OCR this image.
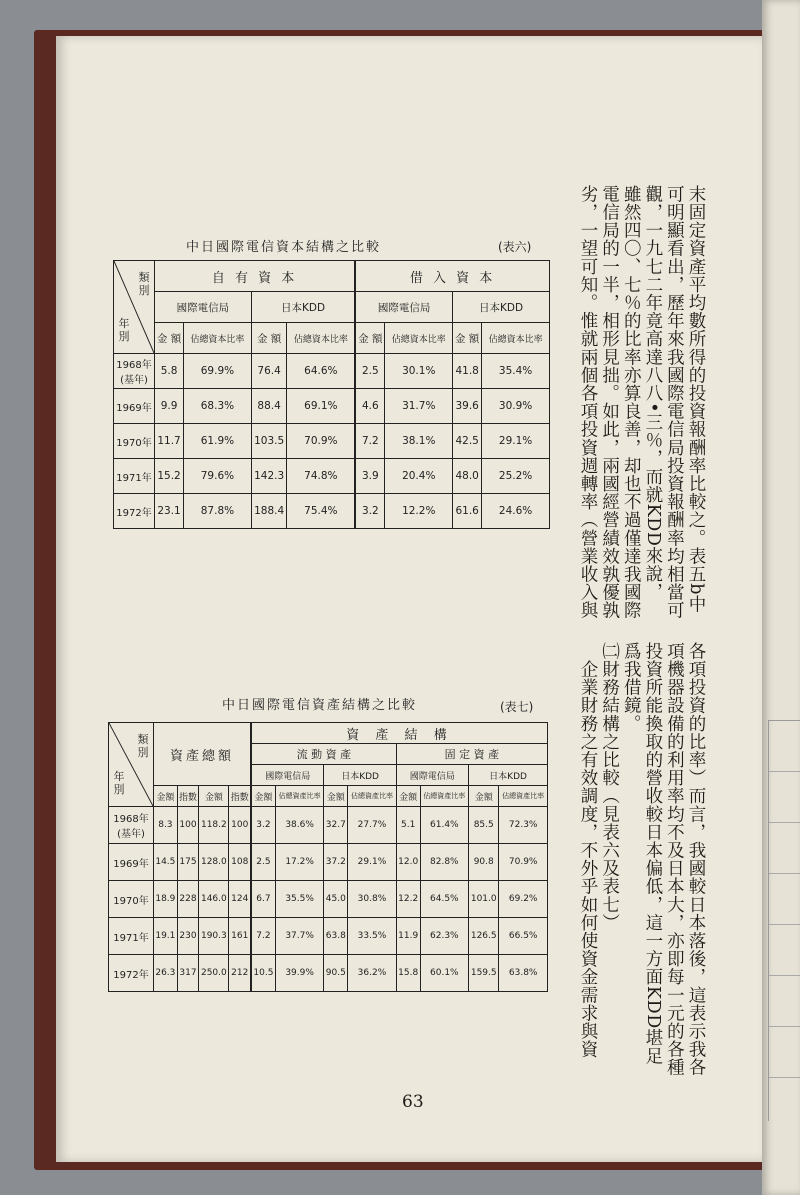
末固定資產平均數所得的投資報酬率比較之。表五b中
可明顯看出，歷年來我國際電信局投資報酬率均相當可
觀，一九七二年竟高達八八•三％，而就KDD來說，
雖然四〇、七％的比率亦算良善，却也不過僅達我國際
電信局的一半，相形見拙。如此，兩國經營績效孰優孰
劣，一望可知。惟就兩個各項投資週轉率（營業收入與
各項投資的比率）而言，我國較日本落後，這表示我各
項機器設備的利用率均不及日本大，亦即每一元的各種
投資所能換取的營收較日本偏低，這一方面KDD堪足
爲我借鏡。
㈡財務結構之比較（見表六及表七）
　企業財務之有效調度，不外乎如何使資金需求與資
中日國際電信資本結構之比較	(表六)
類別
年別	自 有 資 本				借 入 資 本			
	國際電信局		日本KDD		國際電信局		日本KDD	
	金 額	佔總資本比率	金 額	佔總資本比率	金 額	佔總資本比率	金 額	佔總資本比率
1968年(基年)	5.8	69.9%	76.4	64.6%	2.5	30.1%	41.8	35.4%
1969年	9.9	68.3%	88.4	69.1%	4.6	31.7%	39.6	30.9%
1970年	11.7	61.9%	103.5	70.9%	7.2	38.1%	42.5	29.1%
1971年	15.2	79.6%	142.3	74.8%	3.9	20.4%	48.0	25.2%
1972年	23.1	87.8%	188.4	75.4%	3.2	12.2%	61.6	24.6%
中日國際電信資產結構之比較	(表七)
類別
年別	資產總額				資 產 結 構							
					流 動 資 產				固 定 資 產			
					國際電信局		日本KDD		國際電信局		日本KDD	
	金額	指數	金額	指數	金額	佔總資產比率	金額	佔總資產比率	金額	佔總資產比率	金額	佔總資產比率
1968年(基年)	8.3	100	118.2	100	3.2	38.6%	32.7	27.7%	5.1	61.4%	85.5	72.3%
1969年	14.5	175	128.0	108	2.5	17.2%	37.2	29.1%	12.0	82.8%	90.8	70.9%
1970年	18.9	228	146.0	124	6.7	35.5%	45.0	30.8%	12.2	64.5%	101.0	69.2%
1971年	19.1	230	190.3	161	7.2	37.7%	63.8	33.5%	11.9	62.3%	126.5	66.5%
1972年	26.3	317	250.0	212	10.5	39.9%	90.5	36.2%	15.8	60.1%	159.5	63.8%
63
